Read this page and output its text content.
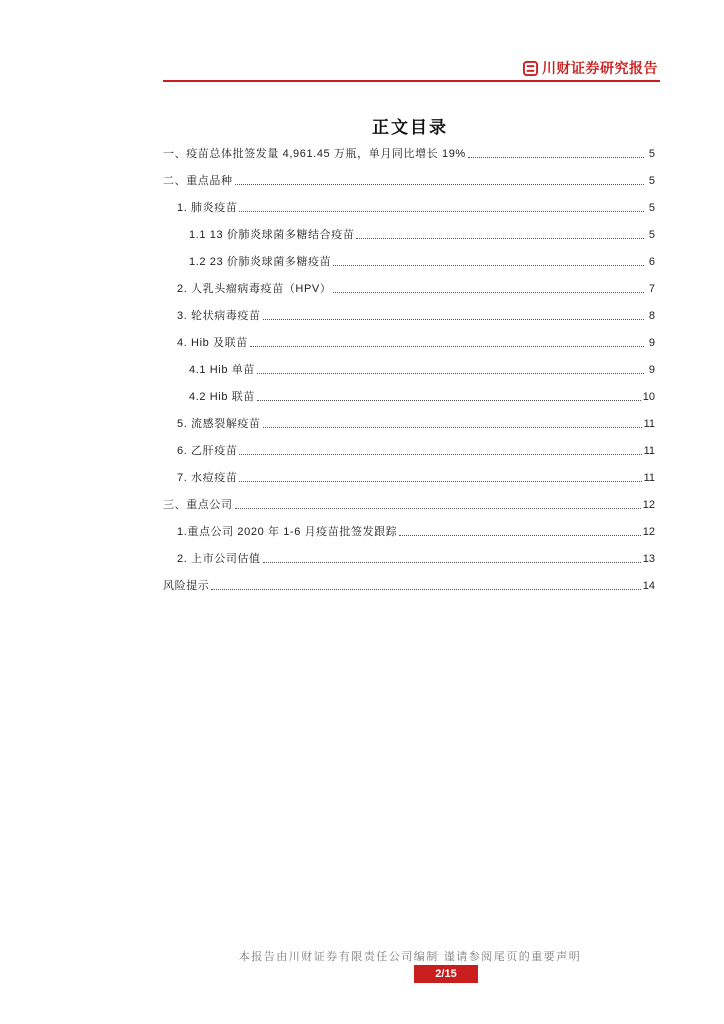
川财证券研究报告
正文目录
一、疫苗总体批签发量 4,961.45 万瓶，单月同比增长 19%	5
二、重点品种	5
1. 肺炎疫苗	5
1.1 13 价肺炎球菌多糖结合疫苗	5
1.2 23 价肺炎球菌多糖疫苗	6
2. 人乳头瘤病毒疫苗（HPV）	7
3. 轮状病毒疫苗	8
4. Hib 及联苗	9
4.1 Hib 单苗	9
4.2 Hib 联苗	10
5. 流感裂解疫苗	11
6. 乙肝疫苗	11
7. 水痘疫苗	11
三、重点公司	12
1.重点公司 2020 年 1-6 月疫苗批签发跟踪	12
2. 上市公司估值	13
风险提示	14
本报告由川财证券有限责任公司编制 谨请参阅尾页的重要声明
2/15
